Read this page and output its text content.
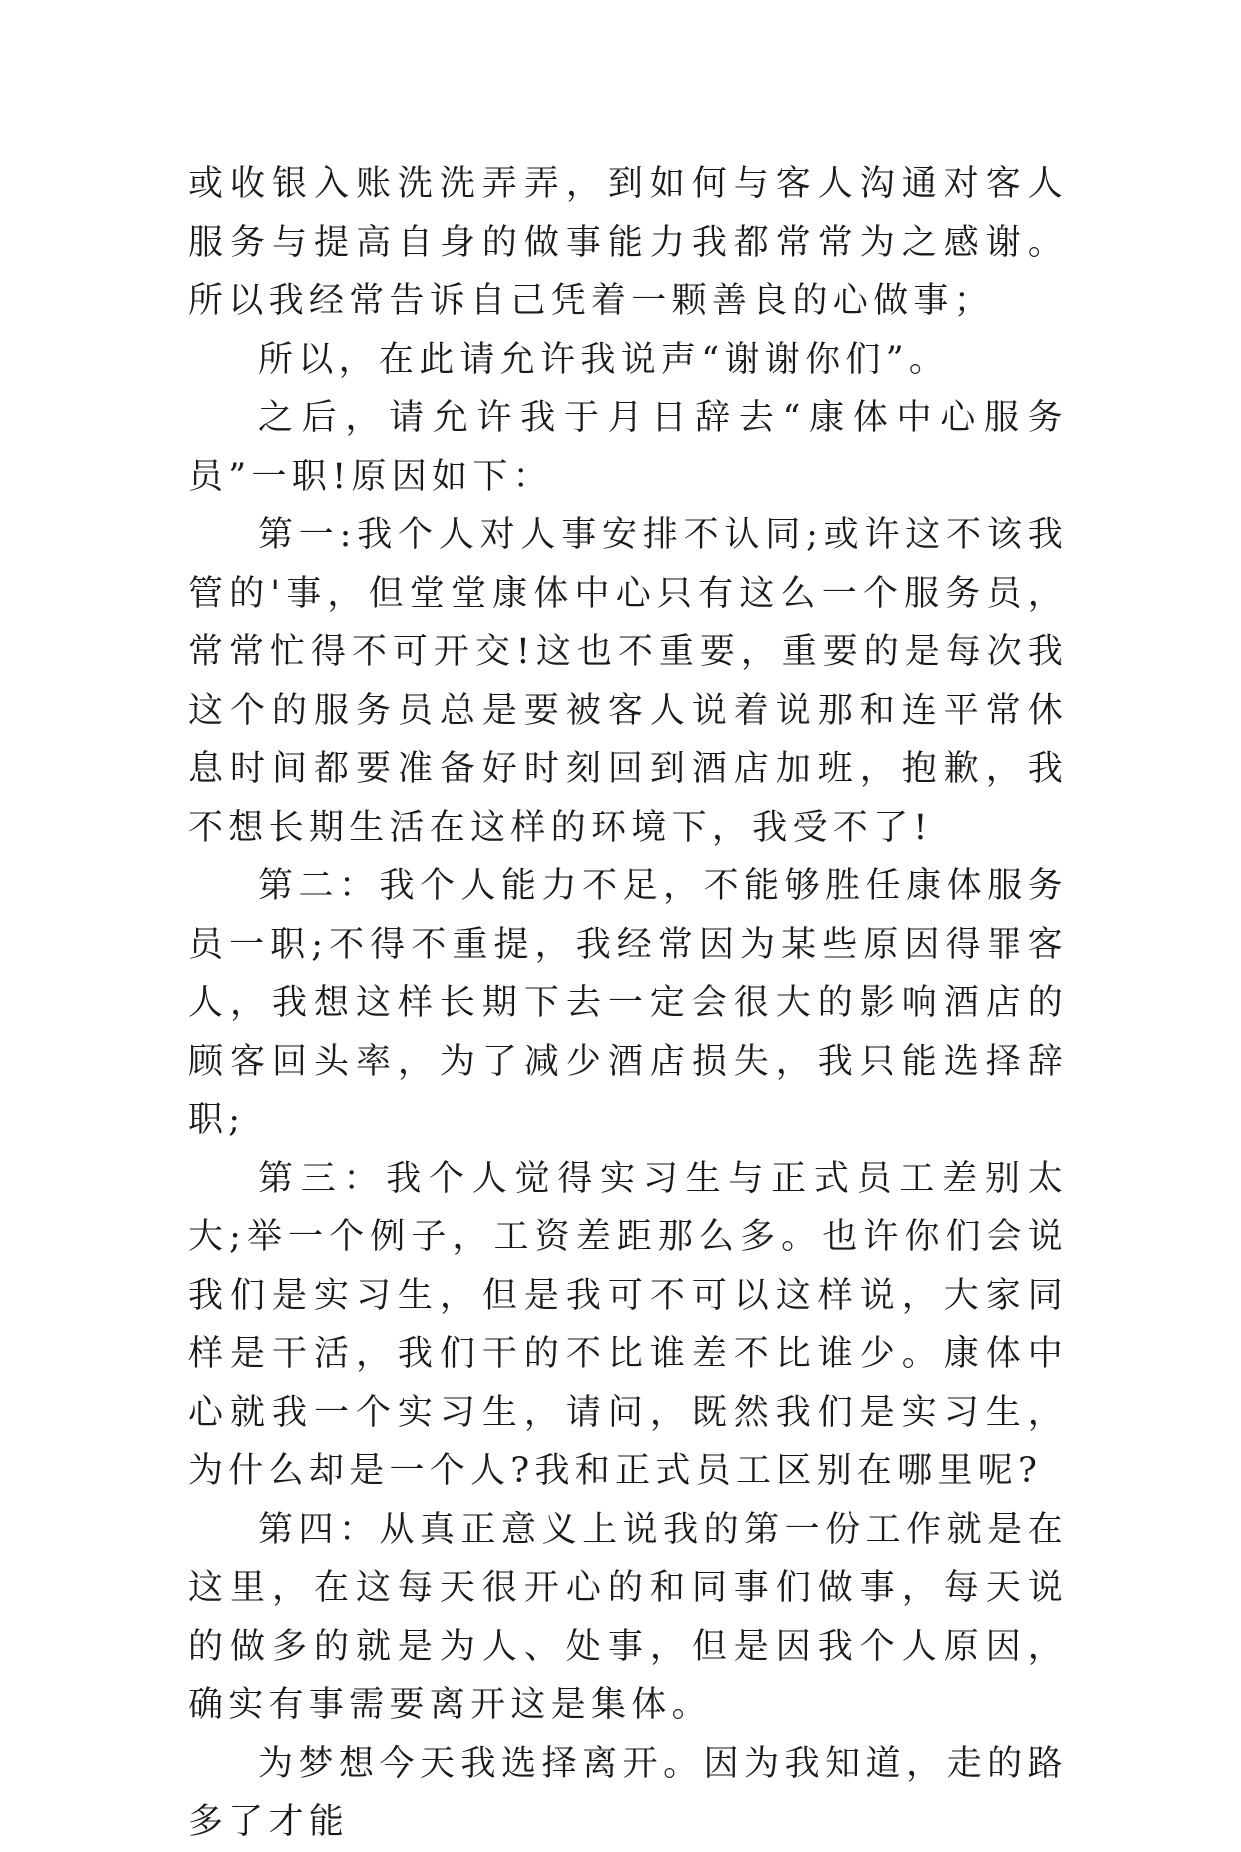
或收银入账洗洗弄弄，到如何与客人沟通对客人服务与提高自身的做事能力我都常常为之感谢。所以我经常告诉自己凭着一颗善良的心做事；

所以，在此请允许我说声“谢谢你们”。

之后，请允许我于月日辞去“康体中心服务员”一职!原因如下：

第一:我个人对人事安排不认同;或许这不该我管的'事，但堂堂康体中心只有这么一个服务员，常常忙得不可开交!这也不重要，重要的是每次我这个的服务员总是要被客人说着说那和连平常休息时间都要准备好时刻回到酒店加班，抱歉，我不想长期生活在这样的环境下，我受不了!

第二：我个人能力不足，不能够胜任康体服务员一职;不得不重提，我经常因为某些原因得罪客人，我想这样长期下去一定会很大的影响酒店的顾客回头率，为了减少酒店损失，我只能选择辞职;

第三：我个人觉得实习生与正式员工差别太大;举一个例子，工资差距那么多。也许你们会说我们是实习生，但是我可不可以这样说，大家同样是干活，我们干的不比谁差不比谁少。康体中心就我一个实习生，请问，既然我们是实习生，为什么却是一个人?我和正式员工区别在哪里呢?

第四：从真正意义上说我的第一份工作就是在这里，在这每天很开心的和同事们做事，每天说的做多的就是为人、处事，但是因我个人原因，确实有事需要离开这是集体。

为梦想今天我选择离开。因为我知道，走的路多了才能
